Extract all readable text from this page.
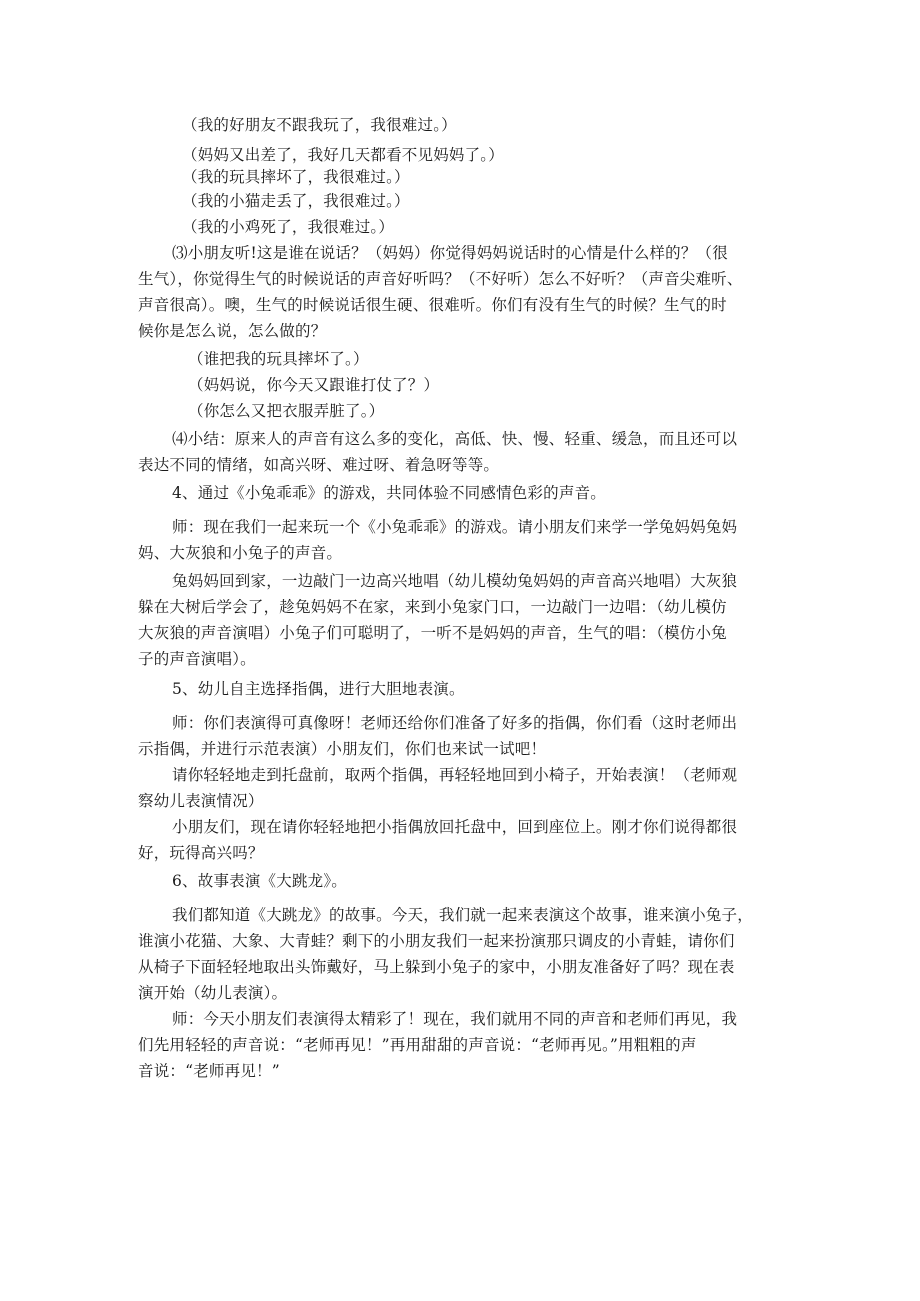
（我的好朋友不跟我玩了，我很难过。）

（妈妈又出差了，我好几天都看不见妈妈了。）

（我的玩具摔坏了，我很难过。）

（我的小猫走丢了，我很难过。）

（我的小鸡死了，我很难过。）

⑶小朋友听!这是谁在说话？（妈妈）你觉得妈妈说话时的心情是什么样的？（很

生气），你觉得生气的时候说话的声音好听吗？（不好听）怎么不好听？（声音尖难听、

声音很高）。噢，生气的时候说话很生硬、很难听。你们有没有生气的时候？生气的时

候你是怎么说，怎么做的？

（谁把我的玩具摔坏了。）

（妈妈说，你今天又跟谁打仗了？）

（你怎么又把衣服弄脏了。）

⑷小结：原来人的声音有这么多的变化，高低、快、慢、轻重、缓急，而且还可以

表达不同的情绪，如高兴呀、难过呀、着急呀等等。

4、通过《小兔乖乖》的游戏，共同体验不同感情色彩的声音。

师：现在我们一起来玩一个《小兔乖乖》的游戏。请小朋友们来学一学兔妈妈兔妈

妈、大灰狼和小兔子的声音。

兔妈妈回到家，一边敲门一边高兴地唱（幼儿模幼兔妈妈的声音高兴地唱）大灰狼

躲在大树后学会了，趁兔妈妈不在家，来到小兔家门口，一边敲门一边唱：（幼儿模仿

大灰狼的声音演唱）小兔子们可聪明了，一听不是妈妈的声音，生气的唱：（模仿小兔

子的声音演唱）。

5、幼儿自主选择指偶，进行大胆地表演。

师：你们表演得可真像呀！老师还给你们准备了好多的指偶，你们看（这时老师出

示指偶，并进行示范表演）小朋友们，你们也来试一试吧！

请你轻轻地走到托盘前，取两个指偶，再轻轻地回到小椅子，开始表演！（老师观

察幼儿表演情况）

小朋友们，现在请你轻轻地把小指偶放回托盘中，回到座位上。刚才你们说得都很

好，玩得高兴吗？

6、故事表演《大跳龙》。

我们都知道《大跳龙》的故事。今天，我们就一起来表演这个故事，谁来演小兔子，

谁演小花猫、大象、大青蛙？剩下的小朋友我们一起来扮演那只调皮的小青蛙，请你们

从椅子下面轻轻地取出头饰戴好，马上躲到小兔子的家中，小朋友准备好了吗？现在表

演开始（幼儿表演）。

师：今天小朋友们表演得太精彩了！现在，我们就用不同的声音和老师们再见，我

们先用轻轻的声音说：“老师再见！”再用甜甜的声音说：“老师再见。”用粗粗的声

音说：“老师再见！”
